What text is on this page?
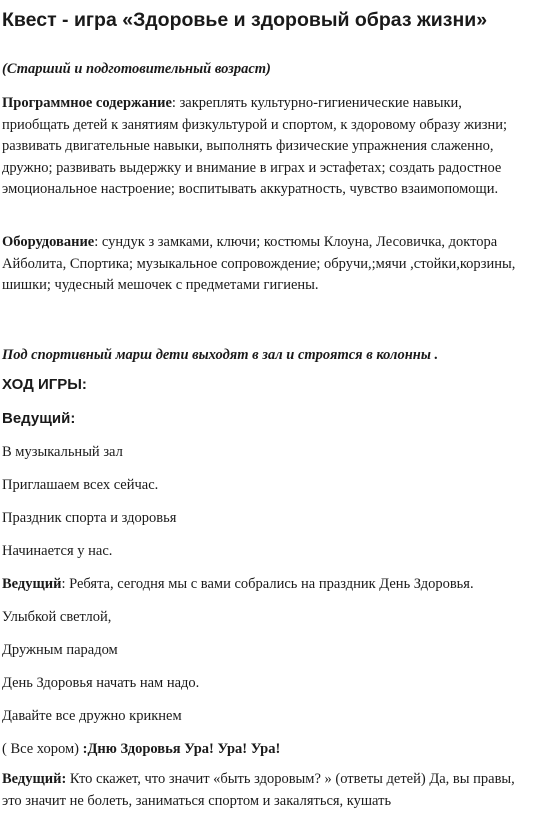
Квест - игра «Здоровье и здоровый образ жизни»
(Старший и подготовительный возраст)
Программное содержание: закреплять культурно-гигиенические навыки, приобщать детей к занятиям физкультурой и спортом, к здоровому образу жизни; развивать двигательные навыки, выполнять физические упражнения слаженно, дружно; развивать выдержку и внимание в играх и эстафетах; создать радостное эмоциональное настроение; воспитывать аккуратность, чувство взаимопомощи.
Оборудование: сундук з замками, ключи; костюмы Клоуна, Лесовичка, доктора Айболита, Спортика; музыкальное сопровождение; обручи,;мячи ,стойки,корзины, шишки; чудесный мешочек с предметами гигиены.
Под спортивный марш дети выходят в зал и строятся в колонны .
ХОД ИГРЫ:
Ведущий:
В музыкальный зал
Приглашаем всех сейчас.
Праздник спорта и здоровья
Начинается у нас.
Ведущий: Ребята, сегодня мы с вами собрались на праздник День Здоровья.
Улыбкой светлой,
Дружным парадом
День Здоровья начать нам надо.
Давайте все дружно крикнем
( Все хором) :Дню Здоровья Ура! Ура! Ура!
Ведущий: Кто скажет, что значит «быть здоровым? » (ответы детей) Да, вы правы, это значит не болеть, заниматься спортом и закаляться, кушать
